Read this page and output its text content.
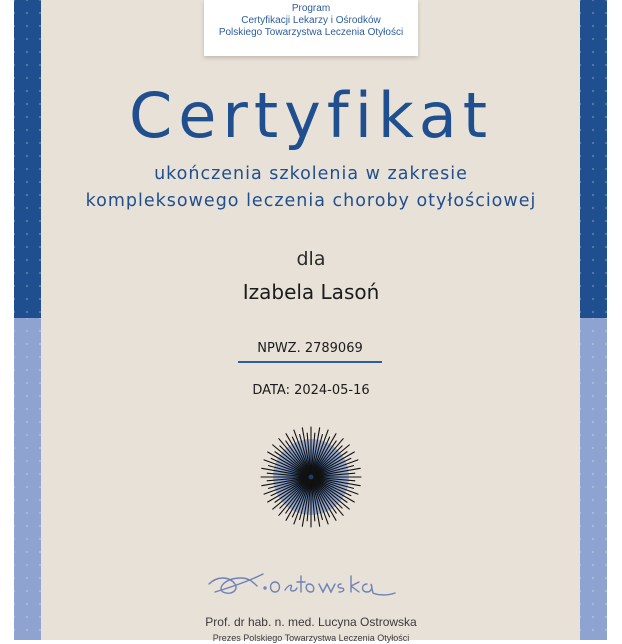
Program
Certyfikacji Lekarzy i Ośrodków
Polskiego Towarzystwa Leczenia Otyłości
Certyfikat
ukończenia szkolenia w zakresie
kompleksowego leczenia choroby otyłościowej
dla
Izabela Lasoń
NPWZ. 2789069
DATA: 2024-05-16
Prof. dr hab. n. med. Lucyna Ostrowska
Prezes Polskiego Towarzystwa Leczenia Otyłości
